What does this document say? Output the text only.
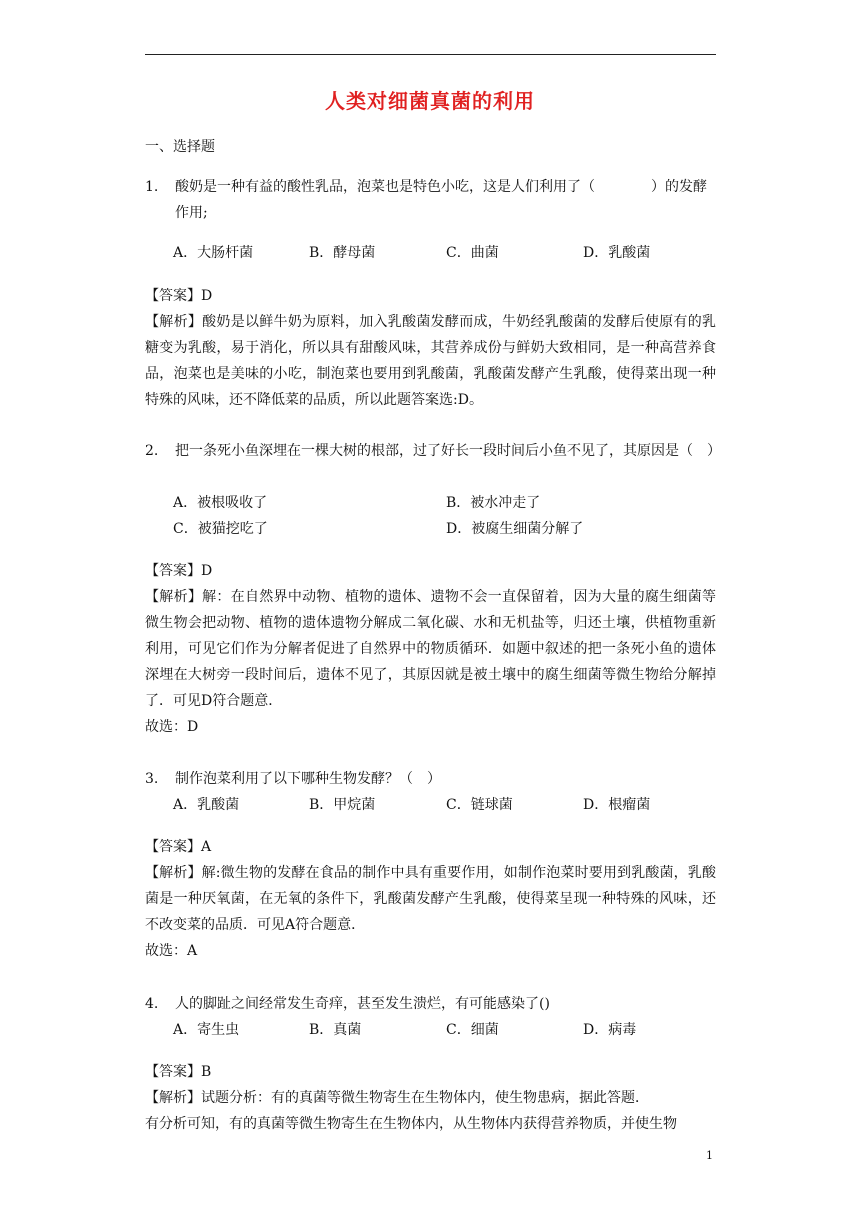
人类对细菌真菌的利用
一、选择题
1. 酸奶是一种有益的酸性乳品，泡菜也是特色小吃，这是人们利用了（　　　　）的发酵作用;
A．大肠杆菌	B．酵母菌	C．曲菌	D．乳酸菌
【答案】D
【解析】酸奶是以鲜牛奶为原料，加入乳酸菌发酵而成，牛奶经乳酸菌的发酵后使原有的乳糖变为乳酸，易于消化，所以具有甜酸风味，其营养成份与鲜奶大致相同，是一种高营养食品，泡菜也是美味的小吃，制泡菜也要用到乳酸菌，乳酸菌发酵产生乳酸，使得菜出现一种特殊的风味，还不降低菜的品质，所以此题答案选:D。
2. 把一条死小鱼深埋在一棵大树的根部，过了好长一段时间后小鱼不见了，其原因是（　）
A．被根吸收了	B．被水冲走了
C．被猫挖吃了	D．被腐生细菌分解了
【答案】D
【解析】解：在自然界中动物、植物的遗体、遗物不会一直保留着，因为大量的腐生细菌等微生物会把动物、植物的遗体遗物分解成二氧化碳、水和无机盐等，归还土壤，供植物重新利用，可见它们作为分解者促进了自然界中的物质循环．如题中叙述的把一条死小鱼的遗体深埋在大树旁一段时间后，遗体不见了，其原因就是被土壤中的腐生细菌等微生物给分解掉了．可见D符合题意．
故选：D
3. 制作泡菜利用了以下哪种生物发酵？（　）
A．乳酸菌	B．甲烷菌	C．链球菌	D．根瘤菌
【答案】A
【解析】解:微生物的发酵在食品的制作中具有重要作用，如制作泡菜时要用到乳酸菌，乳酸菌是一种厌氧菌，在无氧的条件下，乳酸菌发酵产生乳酸，使得菜呈现一种特殊的风味，还不改变菜的品质．可见A符合题意．
故选：A
4. 人的脚趾之间经常发生奇痒，甚至发生溃烂，有可能感染了()
A．寄生虫	B．真菌	C．细菌	D．病毒
【答案】B
【解析】试题分析：有的真菌等微生物寄生在生物体内，使生物患病，据此答题．
有分析可知，有的真菌等微生物寄生在生物体内，从生物体内获得营养物质，并使生物
1
